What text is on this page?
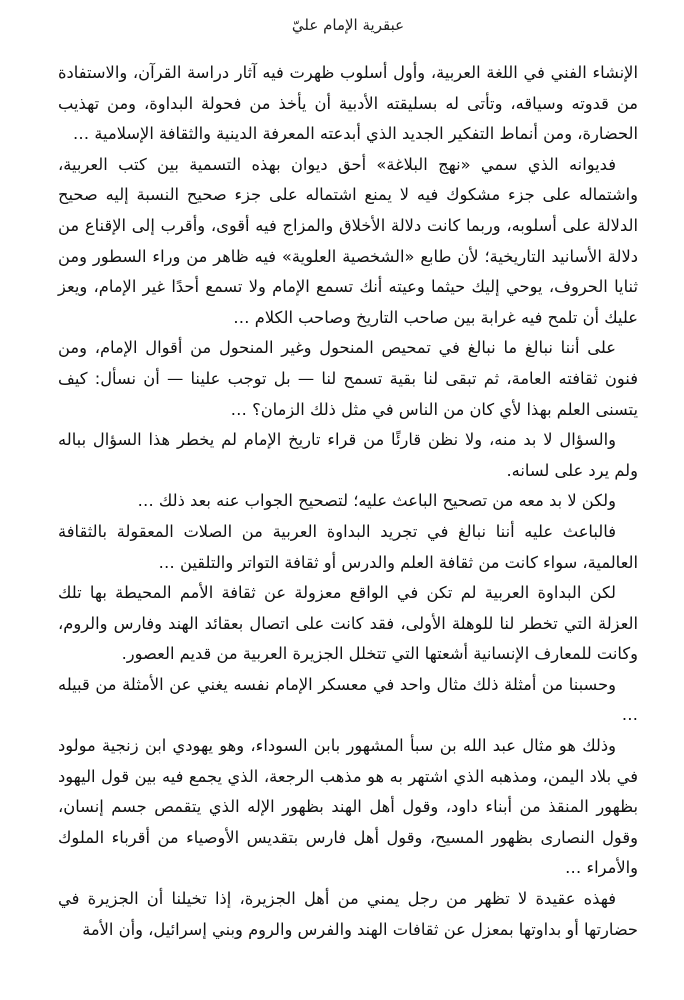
عبقرية الإمام عليّ

الإنشاء الفني في اللغة العربية، وأول أسلوب ظهرت فيه آثار دراسة القرآن، والاستفادة من قدوته وسياقه، وتأتى له بسليقته الأدبية أن يأخذ من فحولة البداوة، ومن تهذيب الحضارة، ومن أنماط التفكير الجديد الذي أبدعته المعرفة الدينية والثقافة الإسلامية …

فديوانه الذي سمي «نهج البلاغة» أحق ديوان بهذه التسمية بين كتب العربية، واشتماله على جزء مشكوك فيه لا يمنع اشتماله على جزء صحيح النسبة إليه صحيح الدلالة على أسلوبه، وربما كانت دلالة الأخلاق والمزاج فيه أقوى، وأقرب إلى الإقناع من دلالة الأسانيد التاريخية؛ لأن طابع «الشخصية العلوية» فيه ظاهر من وراء السطور ومن ثنايا الحروف، يوحي إليك حيثما وعيته أنك تسمع الإمام ولا تسمع أحدًا غير الإمام، ويعز عليك أن تلمح فيه غرابة بين صاحب التاريخ وصاحب الكلام …

على أننا نبالغ ما نبالغ في تمحيص المنحول وغير المنحول من أقوال الإمام، ومن فنون ثقافته العامة، ثم تبقى لنا بقية تسمح لنا — بل توجب علينا — أن نسأل: كيف يتسنى العلم بهذا لأي كان من الناس في مثل ذلك الزمان؟ …

والسؤال لا بد منه، ولا نظن قارئًا من قراء تاريخ الإمام لم يخطر هذا السؤال بباله ولم يرد على لسانه.

ولكن لا بد معه من تصحيح الباعث عليه؛ لتصحيح الجواب عنه بعد ذلك …

فالباعث عليه أننا نبالغ في تجريد البداوة العربية من الصلات المعقولة بالثقافة العالمية، سواء كانت من ثقافة العلم والدرس أو ثقافة التواتر والتلقين …

لكن البداوة العربية لم تكن في الواقع معزولة عن ثقافة الأمم المحيطة بها تلك العزلة التي تخطر لنا للوهلة الأولى، فقد كانت على اتصال بعقائد الهند وفارس والروم، وكانت للمعارف الإنسانية أشعتها التي تتخلل الجزيرة العربية من قديم العصور.

وحسبنا من أمثلة ذلك مثال واحد في معسكر الإمام نفسه يغني عن الأمثلة من قبيله …

وذلك هو مثال عبد الله بن سبأ المشهور بابن السوداء، وهو يهودي ابن زنجية مولود في بلاد اليمن، ومذهبه الذي اشتهر به هو مذهب الرجعة، الذي يجمع فيه بين قول اليهود بظهور المنقذ من أبناء داود، وقول أهل الهند بظهور الإله الذي يتقمص جسم إنسان، وقول النصارى بظهور المسيح، وقول أهل فارس بتقديس الأوصياء من أقرباء الملوك والأمراء …

فهذه عقيدة لا تظهر من رجل يمني من أهل الجزيرة، إذا تخيلنا أن الجزيرة في حضارتها أو بداوتها بمعزل عن ثقافات الهند والفرس والروم وبني إسرائيل، وأن الأمة
